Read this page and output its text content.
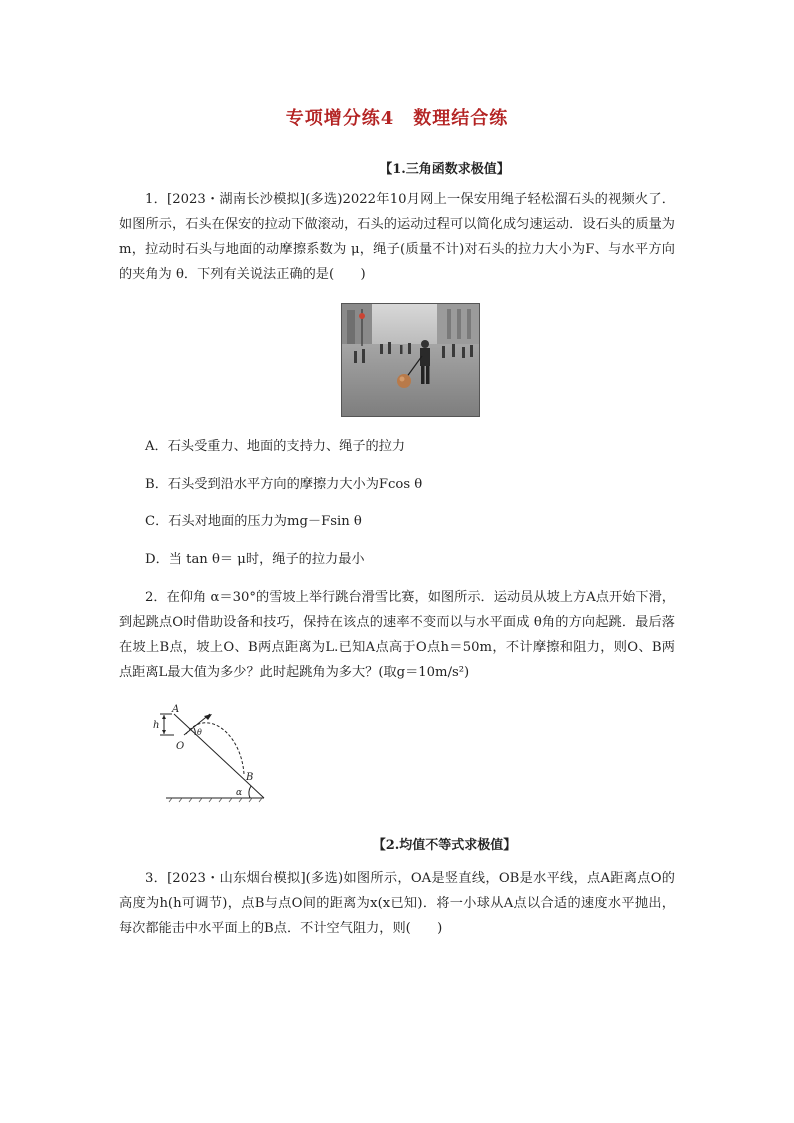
专项增分练4　数理结合练
【1.三角函数求极值】
1．[2023・湖南长沙模拟](多选)2022年10月网上一保安用绳子轻松溜石头的视频火了．如图所示，石头在保安的拉动下做滚动，石头的运动过程可以简化成匀速运动．设石头的质量为m，拉动时石头与地面的动摩擦系数为 μ，绳子(质量不计)对石头的拉力大小为F、与水平方向的夹角为 θ．下列有关说法正确的是(　　)
A．石头受重力、地面的支持力、绳子的拉力
B．石头受到沿水平方向的摩擦力大小为Fcos θ
C．石头对地面的压力为mg－Fsin θ
D．当 tan θ＝ μ时，绳子的拉力最小
2．在仰角 α＝30°的雪坡上举行跳台滑雪比赛，如图所示．运动员从坡上方A点开始下滑，到起跳点O时借助设备和技巧，保持在该点的速率不变而以与水平面成 θ角的方向起跳．最后落在坡上B点，坡上O、B两点距离为L.已知A点高于O点h＝50m，不计摩擦和阻力，则O、B两点距离L最大值为多少？此时起跳角为多大？(取g＝10m/s²)
A
h
O
θ
B
α
【2.均值不等式求极值】
3．[2023・山东烟台模拟](多选)如图所示，OA是竖直线，OB是水平线，点A距离点O的高度为h(h可调节)，点B与点O间的距离为x(x已知)．将一小球从A点以合适的速度水平抛出，每次都能击中水平面上的B点．不计空气阻力，则(　　)
